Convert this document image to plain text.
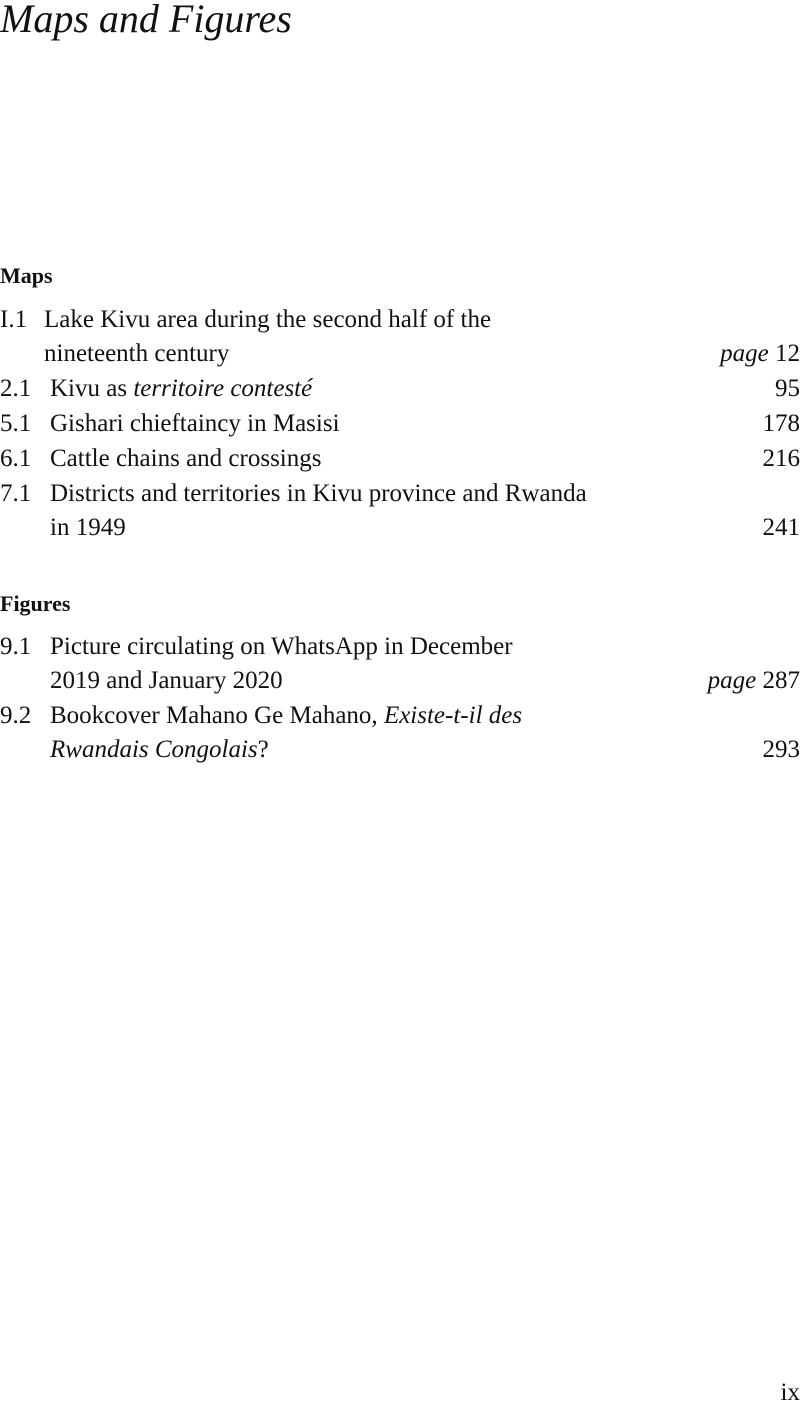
Maps and Figures
Maps
I.1 Lake Kivu area during the second half of the
nineteenth century	page 12
2.1 Kivu as territoire contesté	95
5.1 Gishari chieftaincy in Masisi	178
6.1 Cattle chains and crossings	216
7.1 Districts and territories in Kivu province and Rwanda
in 1949	241
Figures
9.1 Picture circulating on WhatsApp in December
2019 and January 2020	page 287
9.2 Bookcover Mahano Ge Mahano, Existe-t-il des
Rwandais Congolais?	293
ix
